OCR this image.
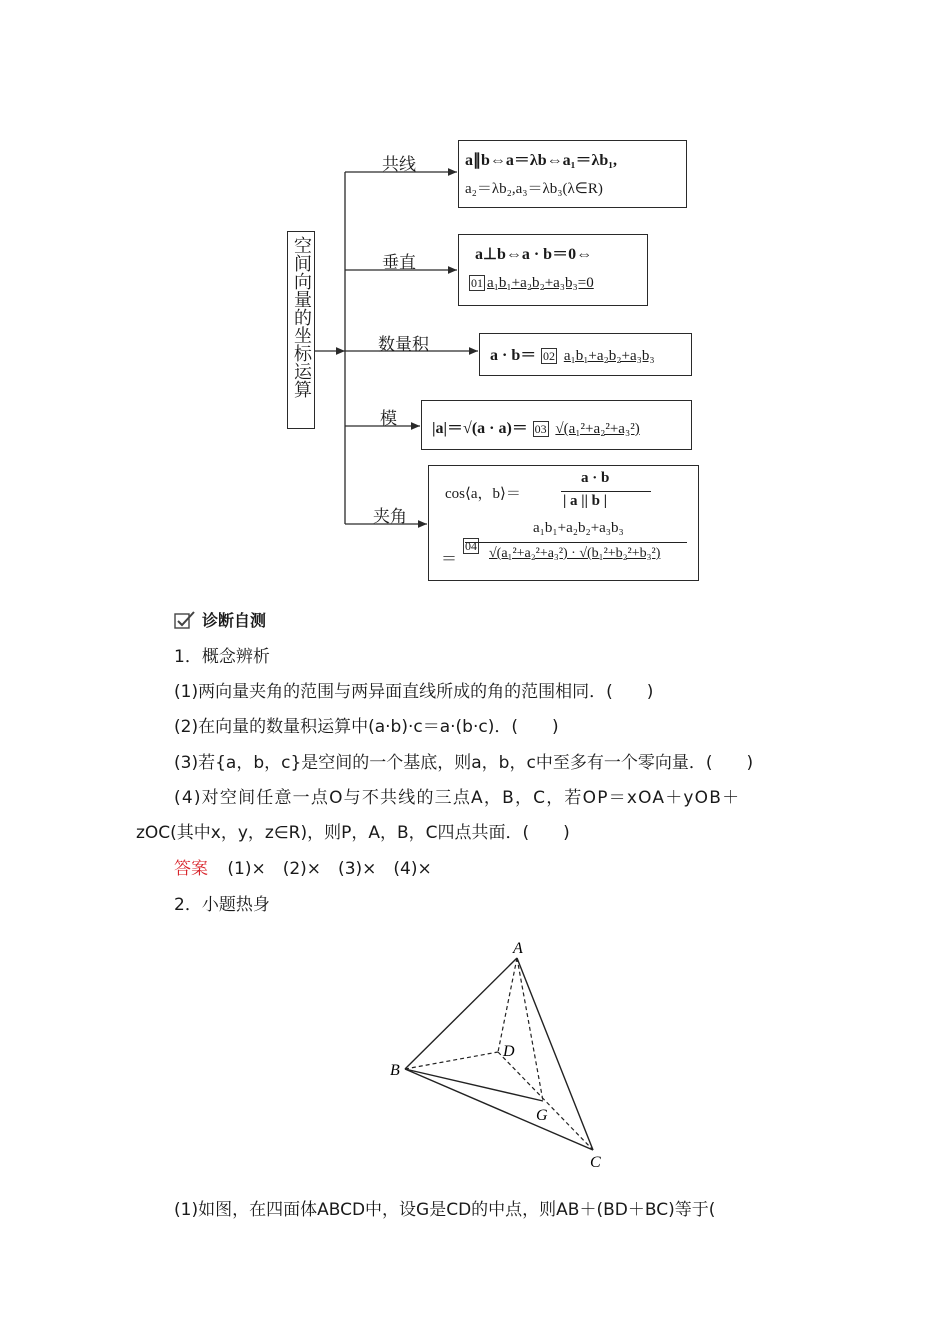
空间向量的坐标运算
共线
垂直
数量积
模
夹角
a∥b⇔a＝λb⇔a₁＝λb₁,
a₂＝λb₂,a₃＝λb₃(λ∈R)
a⊥b⇔a · b＝0⇔
01 a₁b₁+a₂b₂+a₃b₃=0
a · b＝ 02 a₁b₁+a₂b₂+a₃b₃
|a|＝√(a · a)＝ 03 √(a₁²+a₂²+a₃²)
cos⟨a，b⟩＝
a · b
| a || b |
＝
04
a₁b₁+a₂b₂+a₃b₃
√(a₁²+a₂²+a₃²) · √(b₁²+b₂²+b₃²)
诊断自测
1．概念辨析
(1)两向量夹角的范围与两异面直线所成的角的范围相同．(　　)
(2)在向量的数量积运算中(a·b)·c＝a·(b·c)．(　　)
(3)若{a，b，c}是空间的一个基底，则a，b，c中至多有一个零向量．(　　)
(4)对空间任意一点O与不共线的三点A，B，C，若OP＝xOA＋yOB＋
zOC(其中x，y，z∈R)，则P，A，B，C四点共面．(　　)
答案 (1)×　(2)×　(3)×　(4)×
2．小题热身
A
B
C
D
G
(1)如图，在四面体ABCD中，设G是CD的中点，则AB＋(BD＋BC)等于(
